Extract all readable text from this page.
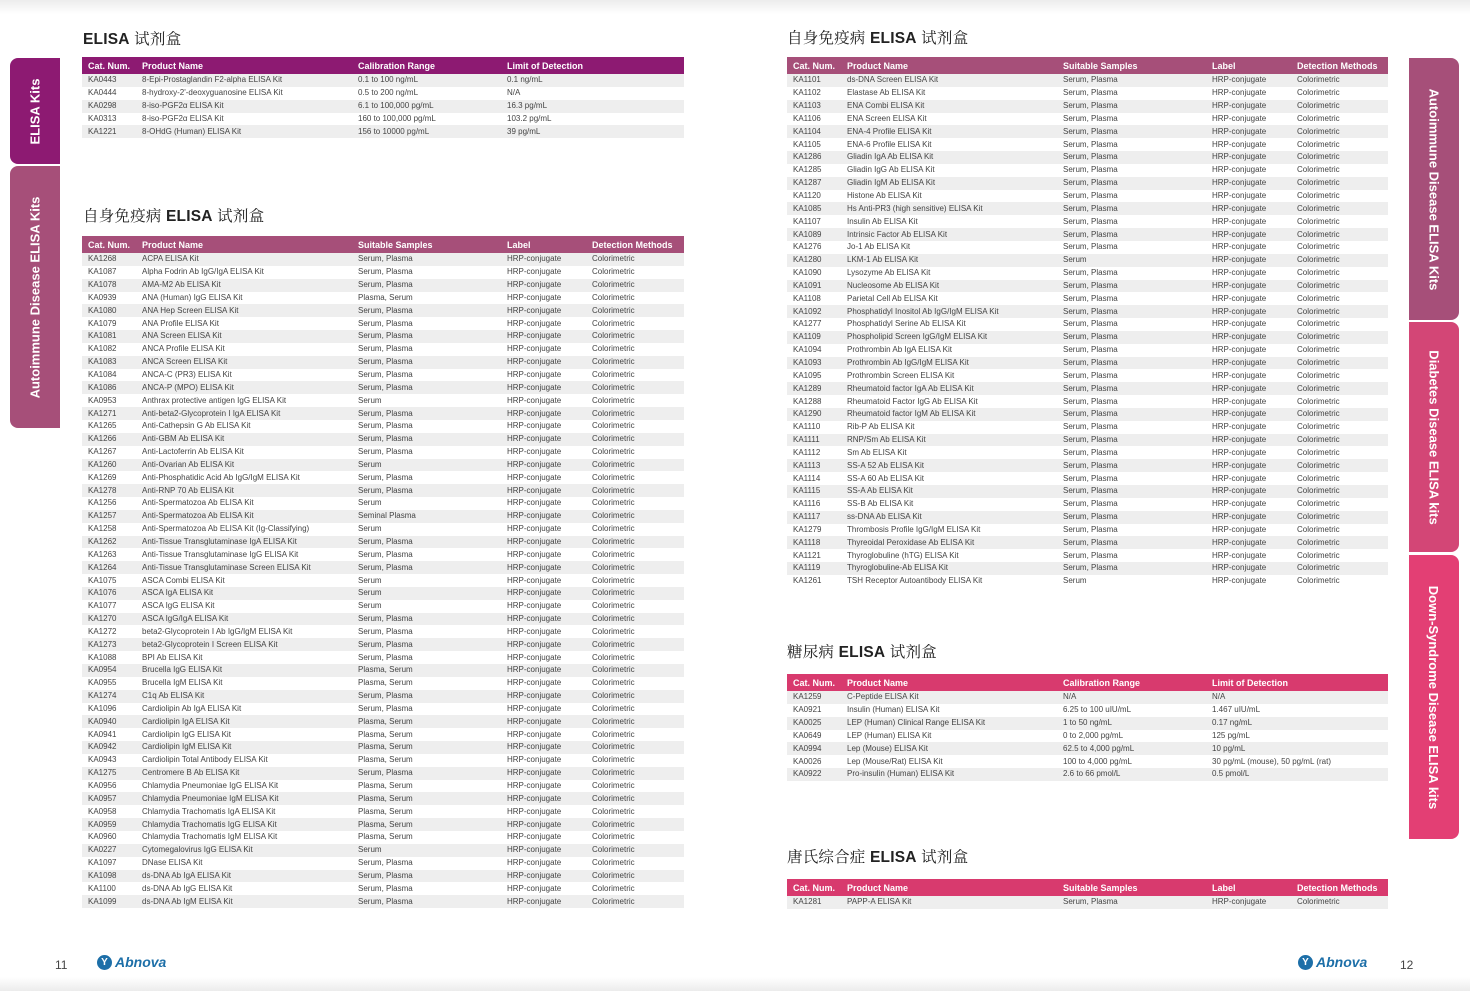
ELISA 试剂盒
自身免疫病 ELISA 试剂盒
自身免疫病 ELISA 试剂盒
糖尿病 ELISA 试剂盒
唐氏综合症 ELISA 试剂盒
Cat. Num.	Product Name	Calibration Range	Limit of Detection
KA0443	8-Epi-Prostaglandin F2-alpha ELISA Kit	0.1 to 100 ng/mL	0.1 ng/mL
KA0444	8-hydroxy-2'-deoxyguanosine ELISA Kit	0.5 to 200 ng/mL	N/A
KA0298	8-iso-PGF2α ELISA Kit	6.1 to 100,000 pg/mL	16.3 pg/mL
KA0313	8-iso-PGF2α ELISA Kit	160 to 100,000 pg/mL	103.2 pg/mL
KA1221	8-OHdG (Human) ELISA Kit	156 to 10000 pg/mL	39 pg/mL
Cat. Num.	Product Name	Suitable Samples	Label	Detection Methods
KA1268	ACPA ELISA Kit	Serum, Plasma	HRP-conjugate	Colorimetric
KA1087	Alpha Fodrin Ab IgG/IgA ELISA Kit	Serum, Plasma	HRP-conjugate	Colorimetric
KA1078	AMA-M2 Ab ELISA Kit	Serum, Plasma	HRP-conjugate	Colorimetric
KA0939	ANA (Human) IgG ELISA Kit	Plasma, Serum	HRP-conjugate	Colorimetric
KA1080	ANA Hep Screen ELISA Kit	Serum, Plasma	HRP-conjugate	Colorimetric
KA1079	ANA Profile ELISA Kit	Serum, Plasma	HRP-conjugate	Colorimetric
KA1081	ANA Screen ELISA Kit	Serum, Plasma	HRP-conjugate	Colorimetric
KA1082	ANCA Profile ELISA Kit	Serum, Plasma	HRP-conjugate	Colorimetric
KA1083	ANCA Screen ELISA Kit	Serum, Plasma	HRP-conjugate	Colorimetric
KA1084	ANCA-C (PR3) ELISA Kit	Serum, Plasma	HRP-conjugate	Colorimetric
KA1086	ANCA-P (MPO) ELISA Kit	Serum, Plasma	HRP-conjugate	Colorimetric
KA0953	Anthrax protective antigen IgG ELISA Kit	Serum	HRP-conjugate	Colorimetric
KA1271	Anti-beta2-Glycoprotein I IgA ELISA Kit	Serum, Plasma	HRP-conjugate	Colorimetric
KA1265	Anti-Cathepsin G Ab ELISA Kit	Serum, Plasma	HRP-conjugate	Colorimetric
KA1266	Anti-GBM Ab ELISA Kit	Serum, Plasma	HRP-conjugate	Colorimetric
KA1267	Anti-Lactoferrin Ab ELISA Kit	Serum, Plasma	HRP-conjugate	Colorimetric
KA1260	Anti-Ovarian Ab ELISA Kit	Serum	HRP-conjugate	Colorimetric
KA1269	Anti-Phosphatidic Acid Ab IgG/IgM ELISA Kit	Serum, Plasma	HRP-conjugate	Colorimetric
KA1278	Anti-RNP 70 Ab ELISA Kit	Serum, Plasma	HRP-conjugate	Colorimetric
KA1256	Anti-Spermatozoa Ab ELISA Kit	Serum	HRP-conjugate	Colorimetric
KA1257	Anti-Spermatozoa Ab ELISA Kit	Seminal Plasma	HRP-conjugate	Colorimetric
KA1258	Anti-Spermatozoa Ab ELISA Kit (Ig-Classifying)	Serum	HRP-conjugate	Colorimetric
KA1262	Anti-Tissue Transglutaminase IgA ELISA Kit	Serum, Plasma	HRP-conjugate	Colorimetric
KA1263	Anti-Tissue Transglutaminase IgG ELISA Kit	Serum, Plasma	HRP-conjugate	Colorimetric
KA1264	Anti-Tissue Transglutaminase Screen ELISA Kit	Serum, Plasma	HRP-conjugate	Colorimetric
KA1075	ASCA Combi ELISA Kit	Serum	HRP-conjugate	Colorimetric
KA1076	ASCA IgA ELISA Kit	Serum	HRP-conjugate	Colorimetric
KA1077	ASCA IgG ELISA Kit	Serum	HRP-conjugate	Colorimetric
KA1270	ASCA IgG/IgA ELISA Kit	Serum, Plasma	HRP-conjugate	Colorimetric
KA1272	beta2-Glycoprotein I Ab IgG/IgM ELISA Kit	Serum, Plasma	HRP-conjugate	Colorimetric
KA1273	beta2-Glycoprotein I Screen ELISA Kit	Serum, Plasma	HRP-conjugate	Colorimetric
KA1088	BPI Ab ELISA Kit	Serum, Plasma	HRP-conjugate	Colorimetric
KA0954	Brucella IgG ELISA Kit	Plasma, Serum	HRP-conjugate	Colorimetric
KA0955	Brucella IgM ELISA Kit	Plasma, Serum	HRP-conjugate	Colorimetric
KA1274	C1q Ab ELISA Kit	Serum, Plasma	HRP-conjugate	Colorimetric
KA1096	Cardiolipin Ab IgA ELISA Kit	Serum, Plasma	HRP-conjugate	Colorimetric
KA0940	Cardiolipin IgA ELISA Kit	Plasma, Serum	HRP-conjugate	Colorimetric
KA0941	Cardiolipin IgG ELISA Kit	Plasma, Serum	HRP-conjugate	Colorimetric
KA0942	Cardiolipin IgM ELISA Kit	Plasma, Serum	HRP-conjugate	Colorimetric
KA0943	Cardiolipin Total Antibody ELISA Kit	Plasma, Serum	HRP-conjugate	Colorimetric
KA1275	Centromere B Ab ELISA Kit	Serum, Plasma	HRP-conjugate	Colorimetric
KA0956	Chlamydia Pneumoniae IgG ELISA Kit	Plasma, Serum	HRP-conjugate	Colorimetric
KA0957	Chlamydia Pneumoniae IgM ELISA Kit	Plasma, Serum	HRP-conjugate	Colorimetric
KA0958	Chlamydia Trachomatis IgA ELISA Kit	Plasma, Serum	HRP-conjugate	Colorimetric
KA0959	Chlamydia Trachomatis IgG ELISA Kit	Plasma, Serum	HRP-conjugate	Colorimetric
KA0960	Chlamydia Trachomatis IgM ELISA Kit	Plasma, Serum	HRP-conjugate	Colorimetric
KA0227	Cytomegalovirus IgG ELISA Kit	Serum	HRP-conjugate	Colorimetric
KA1097	DNase ELISA Kit	Serum, Plasma	HRP-conjugate	Colorimetric
KA1098	ds-DNA Ab IgA ELISA Kit	Serum, Plasma	HRP-conjugate	Colorimetric
KA1100	ds-DNA Ab IgG ELISA Kit	Serum, Plasma	HRP-conjugate	Colorimetric
KA1099	ds-DNA Ab IgM ELISA Kit	Serum, Plasma	HRP-conjugate	Colorimetric
Cat. Num.	Product Name	Suitable Samples	Label	Detection Methods
KA1101	ds-DNA Screen ELISA Kit	Serum, Plasma	HRP-conjugate	Colorimetric
KA1102	Elastase Ab ELISA Kit	Serum, Plasma	HRP-conjugate	Colorimetric
KA1103	ENA Combi ELISA Kit	Serum, Plasma	HRP-conjugate	Colorimetric
KA1106	ENA Screen ELISA Kit	Serum, Plasma	HRP-conjugate	Colorimetric
KA1104	ENA-4 Profile ELISA Kit	Serum, Plasma	HRP-conjugate	Colorimetric
KA1105	ENA-6 Profile ELISA Kit	Serum, Plasma	HRP-conjugate	Colorimetric
KA1286	Gliadin IgA Ab ELISA Kit	Serum, Plasma	HRP-conjugate	Colorimetric
KA1285	Gliadin IgG Ab ELISA Kit	Serum, Plasma	HRP-conjugate	Colorimetric
KA1287	Gliadin IgM Ab ELISA Kit	Serum, Plasma	HRP-conjugate	Colorimetric
KA1120	Histone Ab ELISA Kit	Serum, Plasma	HRP-conjugate	Colorimetric
KA1085	Hs Anti-PR3 (high sensitive) ELISA Kit	Serum, Plasma	HRP-conjugate	Colorimetric
KA1107	Insulin Ab ELISA Kit	Serum, Plasma	HRP-conjugate	Colorimetric
KA1089	Intrinsic Factor Ab ELISA Kit	Serum, Plasma	HRP-conjugate	Colorimetric
KA1276	Jo-1 Ab ELISA Kit	Serum, Plasma	HRP-conjugate	Colorimetric
KA1280	LKM-1 Ab ELISA Kit	Serum	HRP-conjugate	Colorimetric
KA1090	Lysozyme Ab ELISA Kit	Serum, Plasma	HRP-conjugate	Colorimetric
KA1091	Nucleosome Ab ELISA Kit	Serum, Plasma	HRP-conjugate	Colorimetric
KA1108	Parietal Cell Ab ELISA Kit	Serum, Plasma	HRP-conjugate	Colorimetric
KA1092	Phosphatidyl Inositol Ab IgG/IgM ELISA Kit	Serum, Plasma	HRP-conjugate	Colorimetric
KA1277	Phosphatidyl Serine Ab ELISA Kit	Serum, Plasma	HRP-conjugate	Colorimetric
KA1109	Phospholipid Screen IgG/IgM ELISA Kit	Serum, Plasma	HRP-conjugate	Colorimetric
KA1094	Prothrombin Ab IgA ELISA Kit	Serum, Plasma	HRP-conjugate	Colorimetric
KA1093	Prothrombin Ab IgG/IgM ELISA Kit	Serum, Plasma	HRP-conjugate	Colorimetric
KA1095	Prothrombin Screen ELISA Kit	Serum, Plasma	HRP-conjugate	Colorimetric
KA1289	Rheumatoid factor IgA Ab ELISA Kit	Serum, Plasma	HRP-conjugate	Colorimetric
KA1288	Rheumatoid Factor IgG Ab ELISA Kit	Serum, Plasma	HRP-conjugate	Colorimetric
KA1290	Rheumatoid factor IgM Ab ELISA Kit	Serum, Plasma	HRP-conjugate	Colorimetric
KA1110	Rib-P Ab ELISA Kit	Serum, Plasma	HRP-conjugate	Colorimetric
KA1111	RNP/Sm Ab ELISA Kit	Serum, Plasma	HRP-conjugate	Colorimetric
KA1112	Sm Ab ELISA Kit	Serum, Plasma	HRP-conjugate	Colorimetric
KA1113	SS-A 52 Ab ELISA Kit	Serum, Plasma	HRP-conjugate	Colorimetric
KA1114	SS-A 60 Ab ELISA Kit	Serum, Plasma	HRP-conjugate	Colorimetric
KA1115	SS-A Ab ELISA Kit	Serum, Plasma	HRP-conjugate	Colorimetric
KA1116	SS-B Ab ELISA Kit	Serum, Plasma	HRP-conjugate	Colorimetric
KA1117	ss-DNA Ab ELISA Kit	Serum, Plasma	HRP-conjugate	Colorimetric
KA1279	Thrombosis Profile IgG/IgM ELISA Kit	Serum, Plasma	HRP-conjugate	Colorimetric
KA1118	Thyreoidal Peroxidase Ab ELISA Kit	Serum, Plasma	HRP-conjugate	Colorimetric
KA1121	Thyroglobuline (hTG) ELISA Kit	Serum, Plasma	HRP-conjugate	Colorimetric
KA1119	Thyroglobuline-Ab ELISA Kit	Serum, Plasma	HRP-conjugate	Colorimetric
KA1261	TSH Receptor Autoantibody ELISA Kit	Serum	HRP-conjugate	Colorimetric
Cat. Num.	Product Name	Calibration Range	Limit of Detection
KA1259	C-Peptide ELISA Kit	N/A	N/A
KA0921	Insulin (Human) ELISA Kit	6.25 to 100 uIU/mL	1.467 uIU/mL
KA0025	LEP (Human) Clinical Range ELISA Kit	1 to 50 ng/mL	0.17 ng/mL
KA0649	LEP (Human) ELISA Kit	0 to 2,000 pg/mL	125 pg/mL
KA0994	Lep (Mouse) ELISA Kit	62.5 to 4,000 pg/mL	10 pg/mL
KA0026	Lep (Mouse/Rat) ELISA Kit	100 to 4,000 pg/mL	30 pg/mL (mouse), 50 pg/mL (rat)
KA0922	Pro-insulin (Human) ELISA Kit	2.6 to 66 pmol/L	0.5 pmol/L
Cat. Num.	Product Name	Suitable Samples	Label	Detection Methods
KA1281	PAPP-A ELISA Kit	Serum, Plasma	HRP-conjugate	Colorimetric
ELISA Kits
Autoimmune Disease ELISA Kits
Autoimmune Disease ELISA Kits
Diabetes Disease ELISA kits
Down-Syndrome Disease ELISA kits
11	Y Abnova	Y Abnova	12
